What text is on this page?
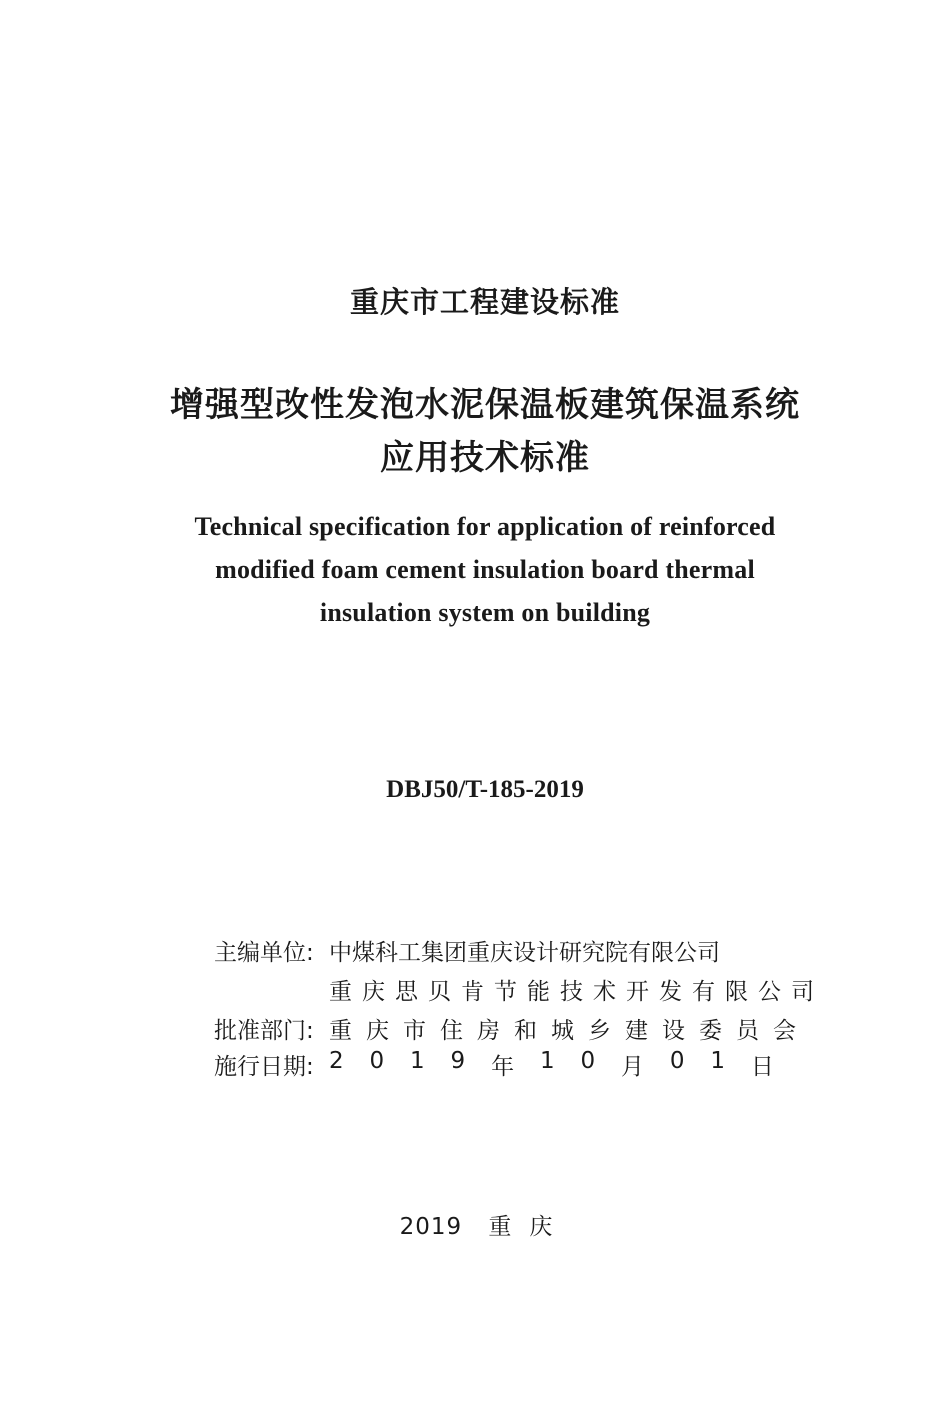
重庆市工程建设标准
增强型改性发泡水泥保温板建筑保温系统
应用技术标准
Technical specification for application of reinforced
modified foam cement insulation board thermal
insulation system on building
DBJ50/T-185-2019
主编单位: 中煤科工集团重庆设计研究院有限公司
重庆思贝肯节能技术开发有限公司
批准部门: 重庆市住房和城乡建设委员会
施行日期: 2 0 1 9 年 1 0 月 0 1 日
2019 重庆
